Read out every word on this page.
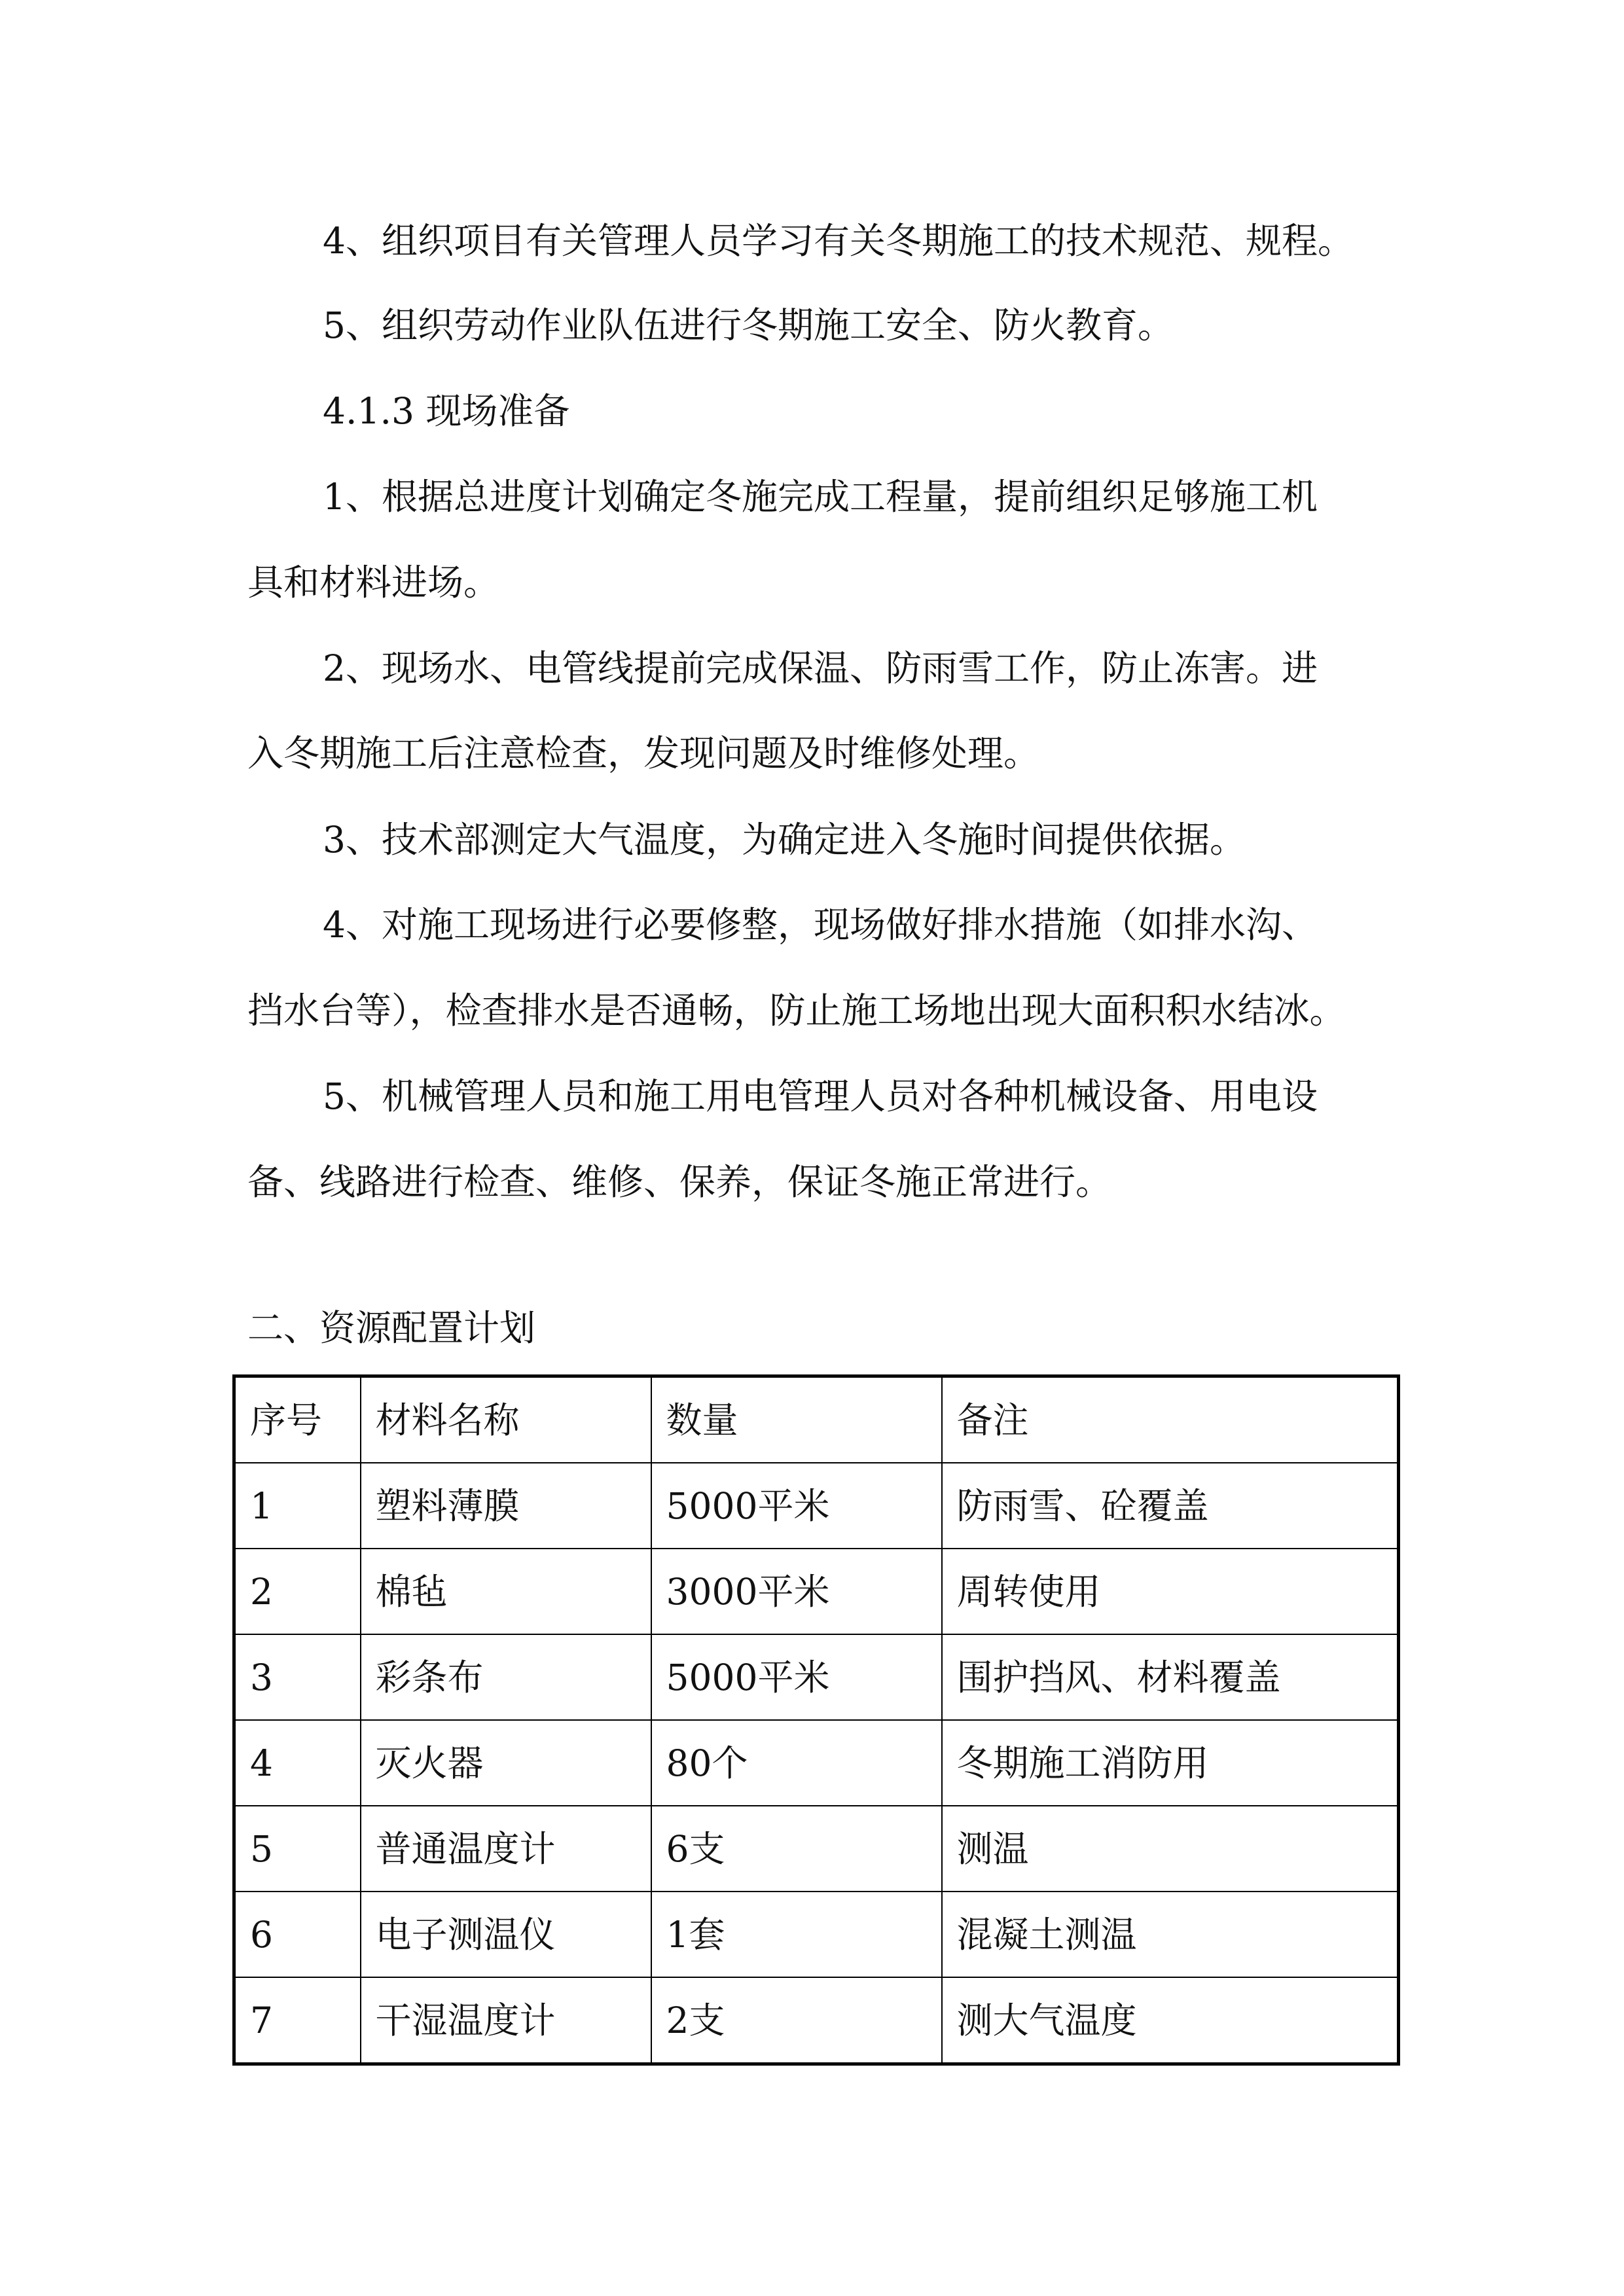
4、组织项目有关管理人员学习有关冬期施工的技术规范、规程。

5、组织劳动作业队伍进行冬期施工安全、防火教育。

4.1.3 现场准备

1、根据总进度计划确定冬施完成工程量，提前组织足够施工机

具和材料进场。

2、现场水、电管线提前完成保温、防雨雪工作，防止冻害。进

入冬期施工后注意检查，发现问题及时维修处理。

3、技术部测定大气温度，为确定进入冬施时间提供依据。

4、对施工现场进行必要修整，现场做好排水措施（如排水沟、

挡水台等），检查排水是否通畅，防止施工场地出现大面积积水结冰。

5、机械管理人员和施工用电管理人员对各种机械设备、用电设

备、线路进行检查、维修、保养，保证冬施正常进行。

二、资源配置计划

序号	材料名称	数量	备注
1	塑料薄膜	5000平米	防雨雪、砼覆盖
2	棉毡	3000平米	周转使用
3	彩条布	5000平米	围护挡风、材料覆盖
4	灭火器	80个	冬期施工消防用
5	普通温度计	6支	测温
6	电子测温仪	1套	混凝土测温
7	干湿温度计	2支	测大气温度
